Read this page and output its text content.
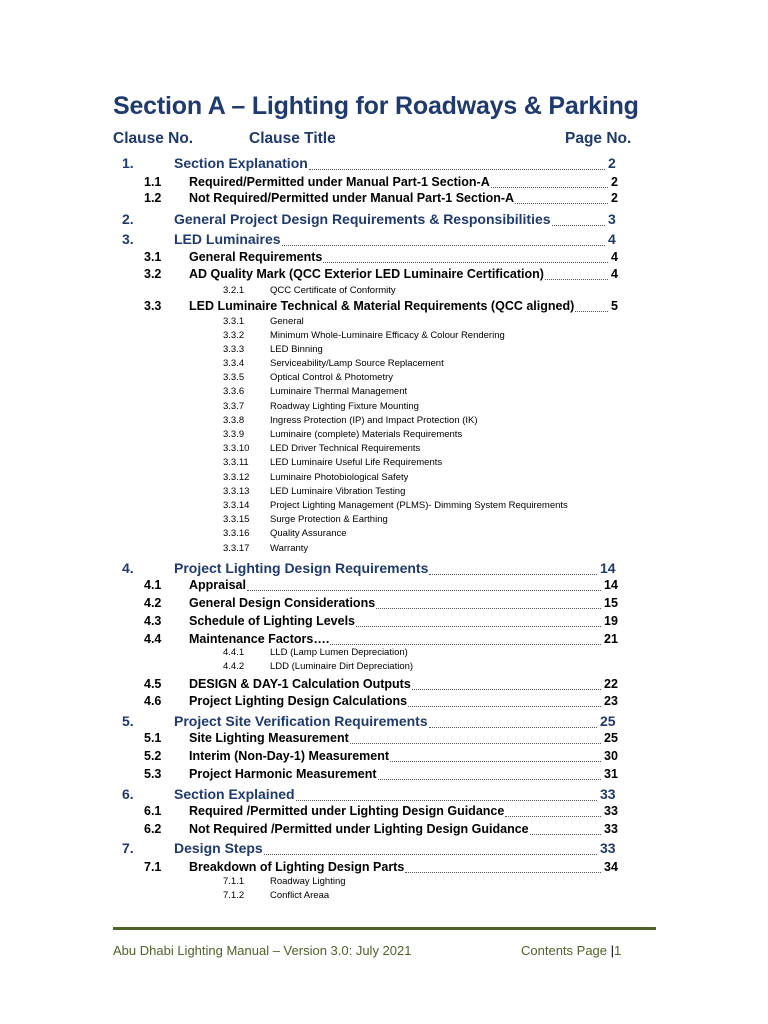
Section A – Lighting for Roadways & Parking
Clause No.	Clause Title	Page No.
1.	Section Explanation	2
1.1 Required/Permitted under Manual Part-1 Section-A	2
1.2 Not Required/Permitted under Manual Part-1 Section-A	2
2.	General Project Design Requirements & Responsibilities	3
3.	LED Luminaires	4
3.1 General Requirements	4
3.2 AD Quality Mark (QCC Exterior LED Luminaire Certification)	4
3.2.1	QCC Certificate of Conformity
3.3 LED Luminaire Technical & Material Requirements (QCC aligned)	5
3.3.1	General
3.3.2	Minimum Whole-Luminaire Efficacy & Colour Rendering
3.3.3	LED Binning
3.3.4	Serviceability/Lamp Source Replacement
3.3.5	Optical Control & Photometry
3.3.6	Luminaire Thermal Management
3.3.7	Roadway Lighting Fixture Mounting
3.3.8	Ingress Protection (IP) and Impact Protection (IK)
3.3.9	Luminaire (complete) Materials Requirements
3.3.10 LED Driver Technical Requirements
3.3.11 LED Luminaire Useful Life Requirements
3.3.12 Luminaire Photobiological Safety
3.3.13 LED Luminaire Vibration Testing
3.3.14 Project Lighting Management (PLMS)- Dimming System Requirements
3.3.15 Surge Protection & Earthing
3.3.16 Quality Assurance
3.3.17 Warranty
4.	Project Lighting Design Requirements	14
4.1 Appraisal	14
4.2 General Design Considerations	15
4.3 Schedule of Lighting Levels	19
4.4 Maintenance Factors….	21
4.4.1	LLD (Lamp Lumen Depreciation)
4.4.2	LDD (Luminaire Dirt Depreciation)
4.5 DESIGN & DAY-1 Calculation Outputs	22
4.6 Project Lighting Design Calculations	23
5.	Project Site Verification Requirements	25
5.1 Site Lighting Measurement	25
5.2 Interim (Non-Day-1) Measurement	30
5.3 Project Harmonic Measurement	31
6.	Section Explained	33
6.1 Required /Permitted under Lighting Design Guidance	33
6.2 Not Required /Permitted under Lighting Design Guidance	33
7.	Design Steps	33
7.1 Breakdown of Lighting Design Parts	34
7.1.1	Roadway Lighting
7.1.2	Conflict Areaa
Abu Dhabi Lighting Manual – Version 3.0: July 2021	Contents Page |1
